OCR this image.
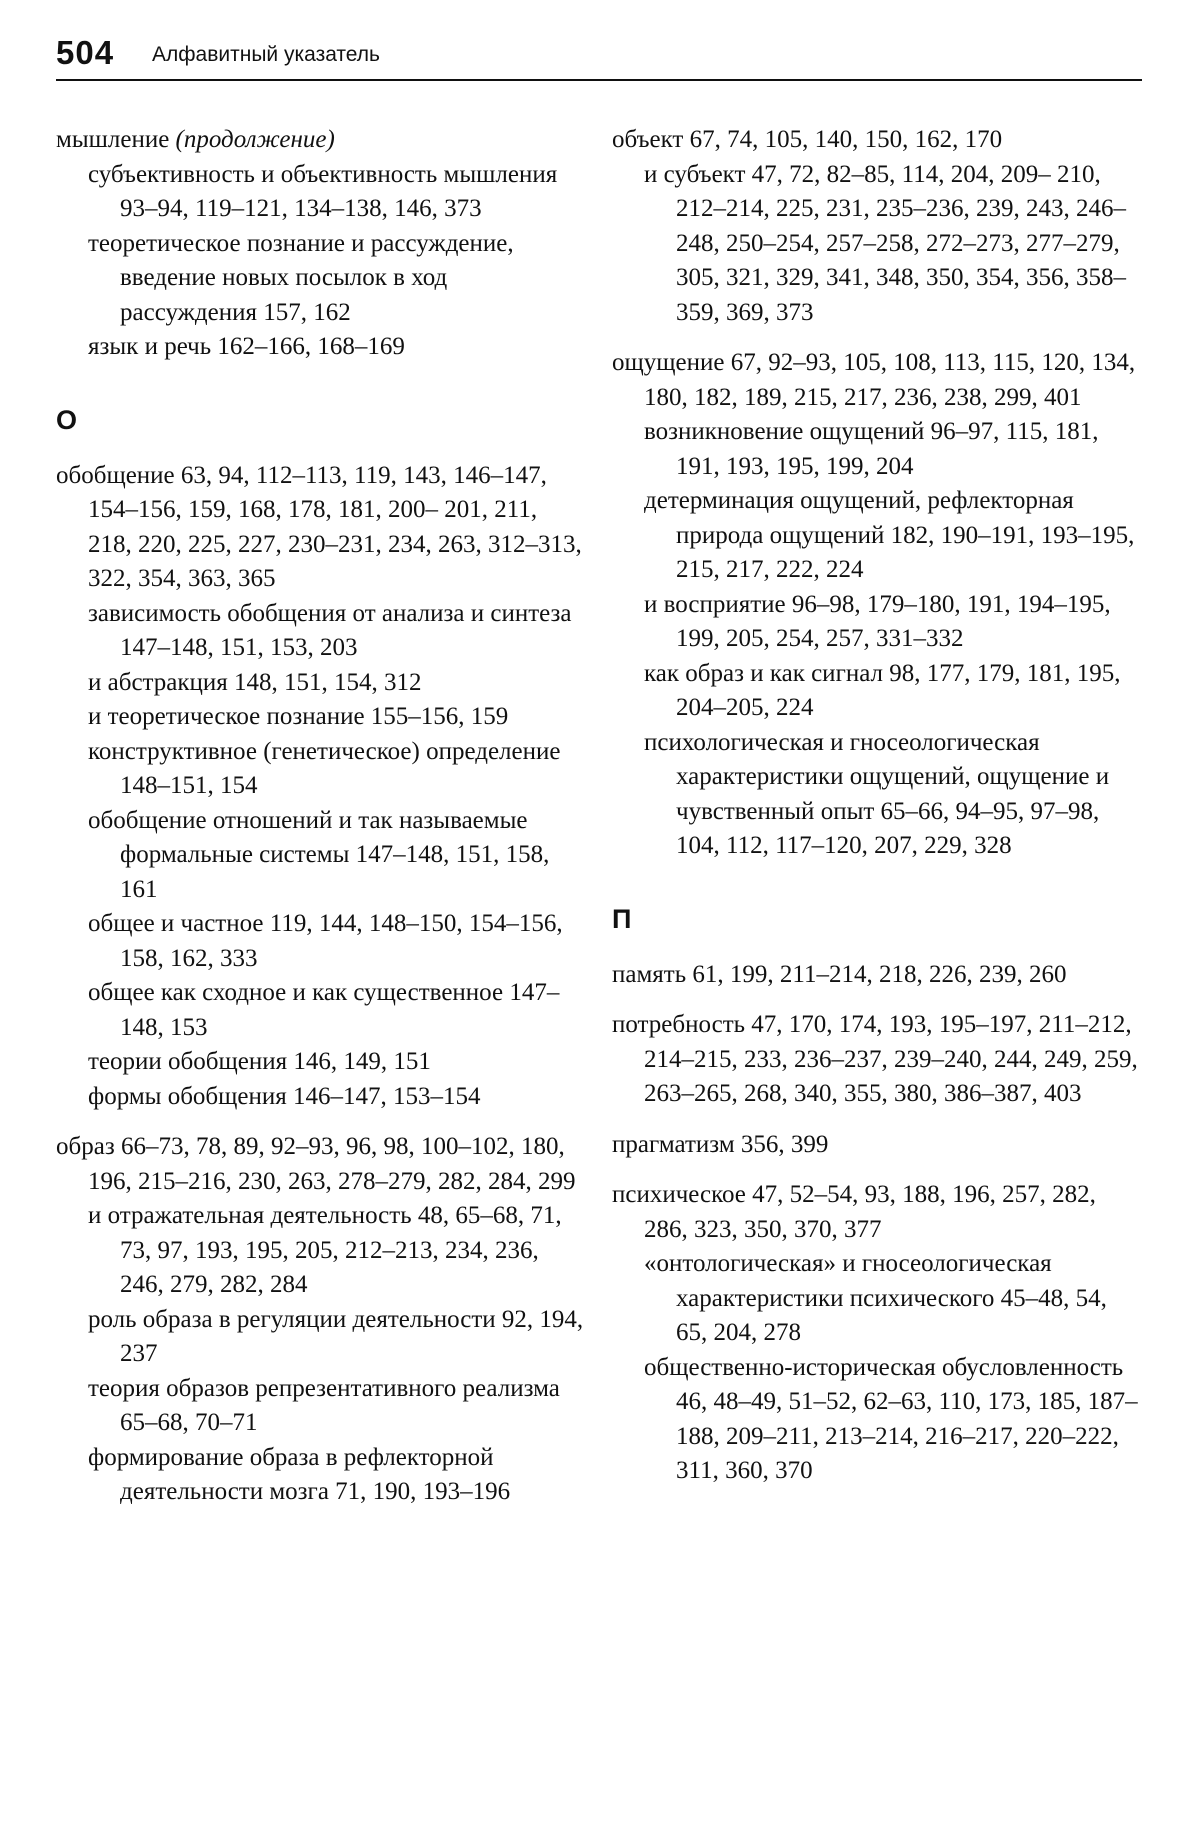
504 Алфавитный указатель
мышление (продолжение)
субъективность и объективность мышления 93–94, 119–121, 134–138, 146, 373
теоретическое познание и рассуждение, введение новых посылок в ход рассуждения 157, 162
язык и речь 162–166, 168–169
О
обобщение 63, 94, 112–113, 119, 143, 146–147, 154–156, 159, 168, 178, 181, 200– 201, 211, 218, 220, 225, 227, 230–231, 234, 263, 312–313, 322, 354, 363, 365
зависимость обобщения от анализа и синтеза 147–148, 151, 153, 203
и абстракция 148, 151, 154, 312
и теоретическое познание 155–156, 159
конструктивное (генетическое) определение 148–151, 154
обобщение отношений и так называемые формальные системы 147–148, 151, 158, 161
общее и частное 119, 144, 148–150, 154–156, 158, 162, 333
общее как сходное и как существенное 147–148, 153
теории обобщения 146, 149, 151
формы обобщения 146–147, 153–154
образ 66–73, 78, 89, 92–93, 96, 98, 100–102, 180, 196, 215–216, 230, 263, 278–279, 282, 284, 299
и отражательная деятельность 48, 65–68, 71, 73, 97, 193, 195, 205, 212–213, 234, 236, 246, 279, 282, 284
роль образа в регуляции деятельности 92, 194, 237
теория образов репрезентативного реализма 65–68, 70–71
формирование образа в рефлекторной деятельности мозга 71, 190, 193–196
объект 67, 74, 105, 140, 150, 162, 170
и субъект 47, 72, 82–85, 114, 204, 209– 210, 212–214, 225, 231, 235–236, 239, 243, 246–248, 250–254, 257–258, 272–273, 277–279, 305, 321, 329, 341, 348, 350, 354, 356, 358–359, 369, 373
ощущение 67, 92–93, 105, 108, 113, 115, 120, 134, 180, 182, 189, 215, 217, 236, 238, 299, 401
возникновение ощущений 96–97, 115, 181, 191, 193, 195, 199, 204
детерминация ощущений, рефлекторная природа ощущений 182, 190–191, 193–195, 215, 217, 222, 224
и восприятие 96–98, 179–180, 191, 194–195, 199, 205, 254, 257, 331–332
как образ и как сигнал 98, 177, 179, 181, 195, 204–205, 224
психологическая и гносеологическая характеристики ощущений, ощущение и чувственный опыт 65–66, 94–95, 97–98, 104, 112, 117–120, 207, 229, 328
П
память 61, 199, 211–214, 218, 226, 239, 260
потребность 47, 170, 174, 193, 195–197, 211–212, 214–215, 233, 236–237, 239–240, 244, 249, 259, 263–265, 268, 340, 355, 380, 386–387, 403
прагматизм 356, 399
психическое 47, 52–54, 93, 188, 196, 257, 282, 286, 323, 350, 370, 377
«онтологическая» и гносеологическая характеристики психического 45–48, 54, 65, 204, 278
общественно-историческая обусловленность 46, 48–49, 51–52, 62–63, 110, 173, 185, 187–188, 209–211, 213–214, 216–217, 220–222, 311, 360, 370
